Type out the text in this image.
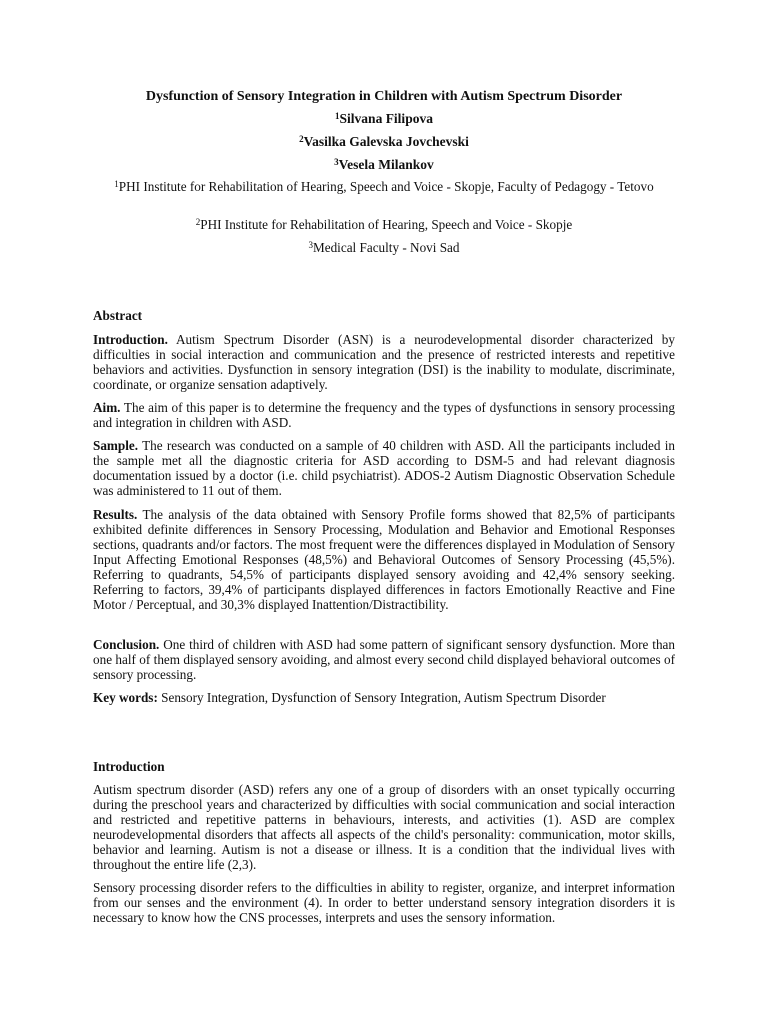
Dysfunction of Sensory Integration in Children with Autism Spectrum Disorder
$^1$Silvana Filipova
$^2$Vasilka Galevska Jovchevski
$^3$Vesela Milankov
$^1$PHI Institute for Rehabilitation of Hearing, Speech and Voice - Skopje, Faculty of Pedagogy - Tetovo
$^2$PHI Institute for Rehabilitation of Hearing, Speech and Voice - Skopje
$^3$Medical Faculty - Novi Sad
Abstract

Introduction. Autism Spectrum Disorder (ASN) is a neurodevelopmental disorder characterized by difficulties in social interaction and communication and the presence of restricted interests and repetitive behaviors and activities. Dysfunction in sensory integration (DSI) is the inability to modulate, discriminate, coordinate, or organize sensation adaptively.

Aim. The aim of this paper is to determine the frequency and the types of dysfunctions in sensory processing and integration in children with ASD.

Sample. The research was conducted on a sample of 40 children with ASD. All the participants included in the sample met all the diagnostic criteria for ASD according to DSM-5 and had relevant diagnosis documentation issued by a doctor (i.e. child psychiatrist). ADOS-2 Autism Diagnostic Observation Schedule was administered to 11 out of them.

Results. The analysis of the data obtained with Sensory Profile forms showed that 82,5% of participants exhibited definite differences in Sensory Processing, Modulation and Behavior and Emotional Responses sections, quadrants and/or factors. The most frequent were the differences displayed in Modulation of Sensory Input Affecting Emotional Responses (48,5%) and Behavioral Outcomes of Sensory Processing (45,5%). Referring to quadrants, 54,5% of participants displayed sensory avoiding and 42,4% sensory seeking. Referring to factors, 39,4% of participants displayed differences in factors Emotionally Reactive and Fine Motor / Perceptual, and 30,3% displayed Inattention/Distractibility.

Conclusion. One third of children with ASD had some pattern of significant sensory dysfunction. More than one half of them displayed sensory avoiding, and almost every second child displayed behavioral outcomes of sensory processing.

Key words: Sensory Integration, Dysfunction of Sensory Integration, Autism Spectrum Disorder

Introduction

Autism spectrum disorder (ASD) refers any one of a group of disorders with an onset typically occurring during the preschool years and characterized by difficulties with social communication and social interaction and restricted and repetitive patterns in behaviours, interests, and activities (1). ASD are complex neurodevelopmental disorders that affects all aspects of the child's personality: communication, motor skills, behavior and learning. Autism is not a disease or illness. It is a condition that the individual lives with throughout the entire life (2,3).

Sensory processing disorder refers to the difficulties in ability to register, organize, and interpret information from our senses and the environment (4). In order to better understand sensory integration disorders it is necessary to know how the CNS processes, interprets and uses the sensory information.
